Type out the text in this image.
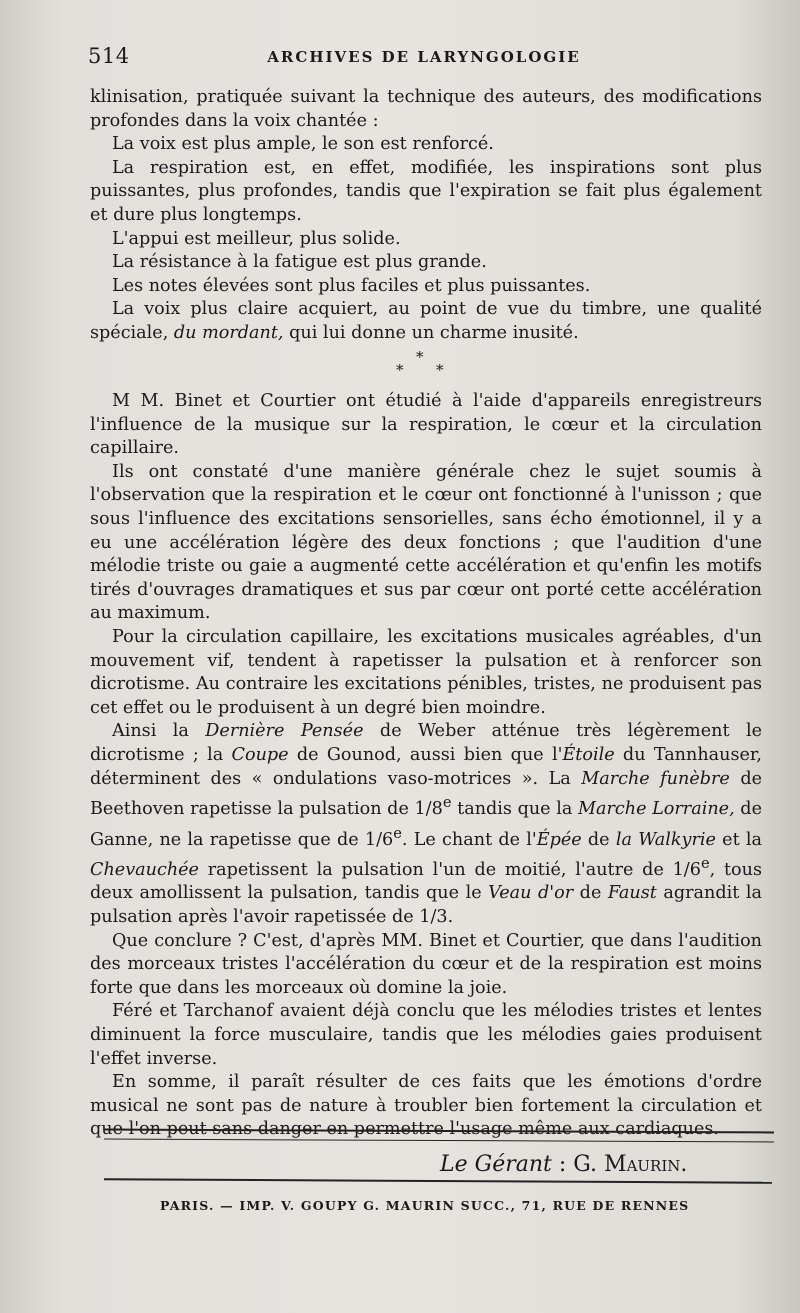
514	ARCHIVES DE LARYNGOLOGIE

klinisation, pratiquée suivant la technique des auteurs, des modifications profondes dans la voix chantée :

La voix est plus ample, le son est renforcé.

La respiration est, en effet, modifiée, les inspirations sont plus puissantes, plus profondes, tandis que l'expiration se fait plus également et dure plus longtemps.

L'appui est meilleur, plus solide.

La résistance à la fatigue est plus grande.

Les notes élevées sont plus faciles et plus puissantes.

La voix plus claire acquiert, au point de vue du timbre, une qualité spéciale, du mordant, qui lui donne un charme inusité.

*
* *

M M. Binet et Courtier ont étudié à l'aide d'appareils enregistreurs l'influence de la musique sur la respiration, le cœur et la circulation capillaire.

Ils ont constaté d'une manière générale chez le sujet soumis à l'observation que la respiration et le cœur ont fonctionné à l'unisson ; que sous l'influence des excitations sensorielles, sans écho émotionnel, il y a eu une accélération légère des deux fonctions ; que l'audition d'une mélodie triste ou gaie a augmenté cette accélération et qu'enfin les motifs tirés d'ouvrages dramatiques et sus par cœur ont porté cette accélération au maximum.

Pour la circulation capillaire, les excitations musicales agréables, d'un mouvement vif, tendent à rapetisser la pulsation et à renforcer son dicrotisme. Au contraire les excitations pénibles, tristes, ne produisent pas cet effet ou le produisent à un degré bien moindre.

Ainsi la Dernière Pensée de Weber atténue très légèrement le dicrotisme ; la Coupe de Gounod, aussi bien que l'Étoile du Tannhauser, déterminent des « ondulations vaso-motrices ». La Marche funèbre de Beethoven rapetisse la pulsation de 1/8e tandis que la Marche Lorraine, de Ganne, ne la rapetisse que de 1/6e. Le chant de l'Épée de la Walkyrie et la Chevauchée rapetissent la pulsation l'un de moitié, l'autre de 1/6e, tous deux amollissent la pulsation, tandis que le Veau d'or de Faust agrandit la pulsation après l'avoir rapetissée de 1/3.

Que conclure ? C'est, d'après MM. Binet et Courtier, que dans l'audition des morceaux tristes l'accélération du cœur et de la respiration est moins forte que dans les morceaux où domine la joie.

Féré et Tarchanof avaient déjà conclu que les mélodies tristes et lentes diminuent la force musculaire, tandis que les mélodies gaies produisent l'effet inverse.

En somme, il paraît résulter de ces faits que les émotions d'ordre musical ne sont pas de nature à troubler bien fortement la circulation et que l'on peut sans danger en permettre l'usage même aux cardiaques.

Le Gérant : G. Maurin.
PARIS. — IMP. V. GOUPY G. MAURIN SUCC., 71, RUE DE RENNES
